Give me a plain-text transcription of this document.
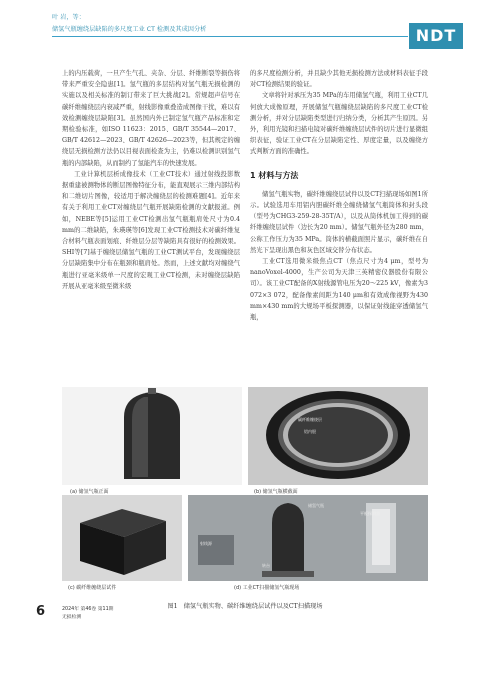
叶 岩，等：
储氢气瓶缠绕层缺陷的多尺度工业 CT 检测及其成因分析	NDT

上的内压载荷，一旦产生气孔、夹杂、分层、纤维断裂等损伤将带来严重安全隐患[1]。氢气瓶的多层结构对氢气瓶无损检测的实施以及相关标准的制订带来了巨大挑战[2]。常规超声信号在碳纤维缠绕层内衰减严重，射线影像重叠造成图像干扰，难以有效检测缠绕层缺陷[3]。虽然国内外已制定氢气瓶产品标准和定期检验标准，如ISO 11623：2015、GB/T 35544—2017、GB/T 42612—2023、GB/T 42626—2023等，但其规定的缠绕层无损检测方法仍以目视表面检查为主，仍难以检测识别氢气瓶的内部缺陷，从而制约了氢能汽车的快速发展。

工业计算机层析成像技术（工业CT技术）通过射线投影数据重建被测物体的断层图像特征分布，能直观展示三维内部结构和二维切片图像，较适用于解决缠绕层的检测难题[4]。近年来有关于利用工业CT对缠绕层气瓶开展缺陷检测的文献报道。例如，NEBE等[5]运用工业CT检测出氢气瓶瓶肩处尺寸为0.4 mm的二维缺陷，朱瑛瑛等[6]发现工业CT检测技术对碳纤维复合材料气瓶表面划痕、纤维层分层等缺陷具有很好的检测效果。SHI等[7]基于缠绕层储氢气瓶的工业CT测试平台，发现缠绕层分层缺陷集中分布在瓶颈和瓶肩处。然而，上述文献均对缠绕气瓶进行亚毫米级单一尺度的宏观工业CT检测，未对缠绕层缺陷开展从亚毫米级至微米级

的多尺度检测分析，并且缺少其他无损检测方法或材料表征手段对CT检测结果的验证。

文章将针对承压为35 MPa的车用储氢气瓶，利用工业CT几何放大成像原理，开展储氢气瓶缠绕层缺陷的多尺度工业CT检测分析，并对分层缺陷类型进行归纳分类，分析其产生原因。另外，利用光镜和扫描电镜对碳纤维缠绕层试件的切片进行显微组织表征，验证工业CT在分层缺陷定性、厚度定量，以及缠绕方式判断方面的准确性。

1 材料与方法

储氢气瓶实物，碳纤维缠绕层试件以及CT扫描现场如图1所示。试验选用车用铝内胆碳纤维全缠绕储氢气瓶筒体和封头段（型号为CHG3-259-28-35T/A），以及从筒体机加工得到的碳纤维缠绕层试件（边长为20 mm）。储氢气瓶外径为280 mm，公称工作压力为35 MPa。筒体的横截面照片显示，碳纤维在自然光下呈现出黑色和灰色区域交替分布状态。

工业CT选用微米级焦点CT（焦点尺寸为4 μm，型号为nanoVoxel-4000，生产公司为天津三英精密仪器股份有限公司）。该工业CT配备的X射线源管电压为20～225 kV，像素为3 072×3 072，配备像素间距为140 μm和有效成像视野为430 mm×430 mm的大规场平板探测器，以保证射线能穿透储氢气瓶，

(a) 储氢气瓶正面
碳纤维缠绕层
铝内胆
(b) 储氢气瓶横截面
(c) 碳纤维缠绕层试件
射线源
储氢气瓶
平板探测器
转台
(d) 工业CT扫描储氢气瓶现场
图1　储氢气瓶实物、碳纤维缠绕层试件以及CT扫描现场
6	2024年 第46卷 第11期
无损检测
